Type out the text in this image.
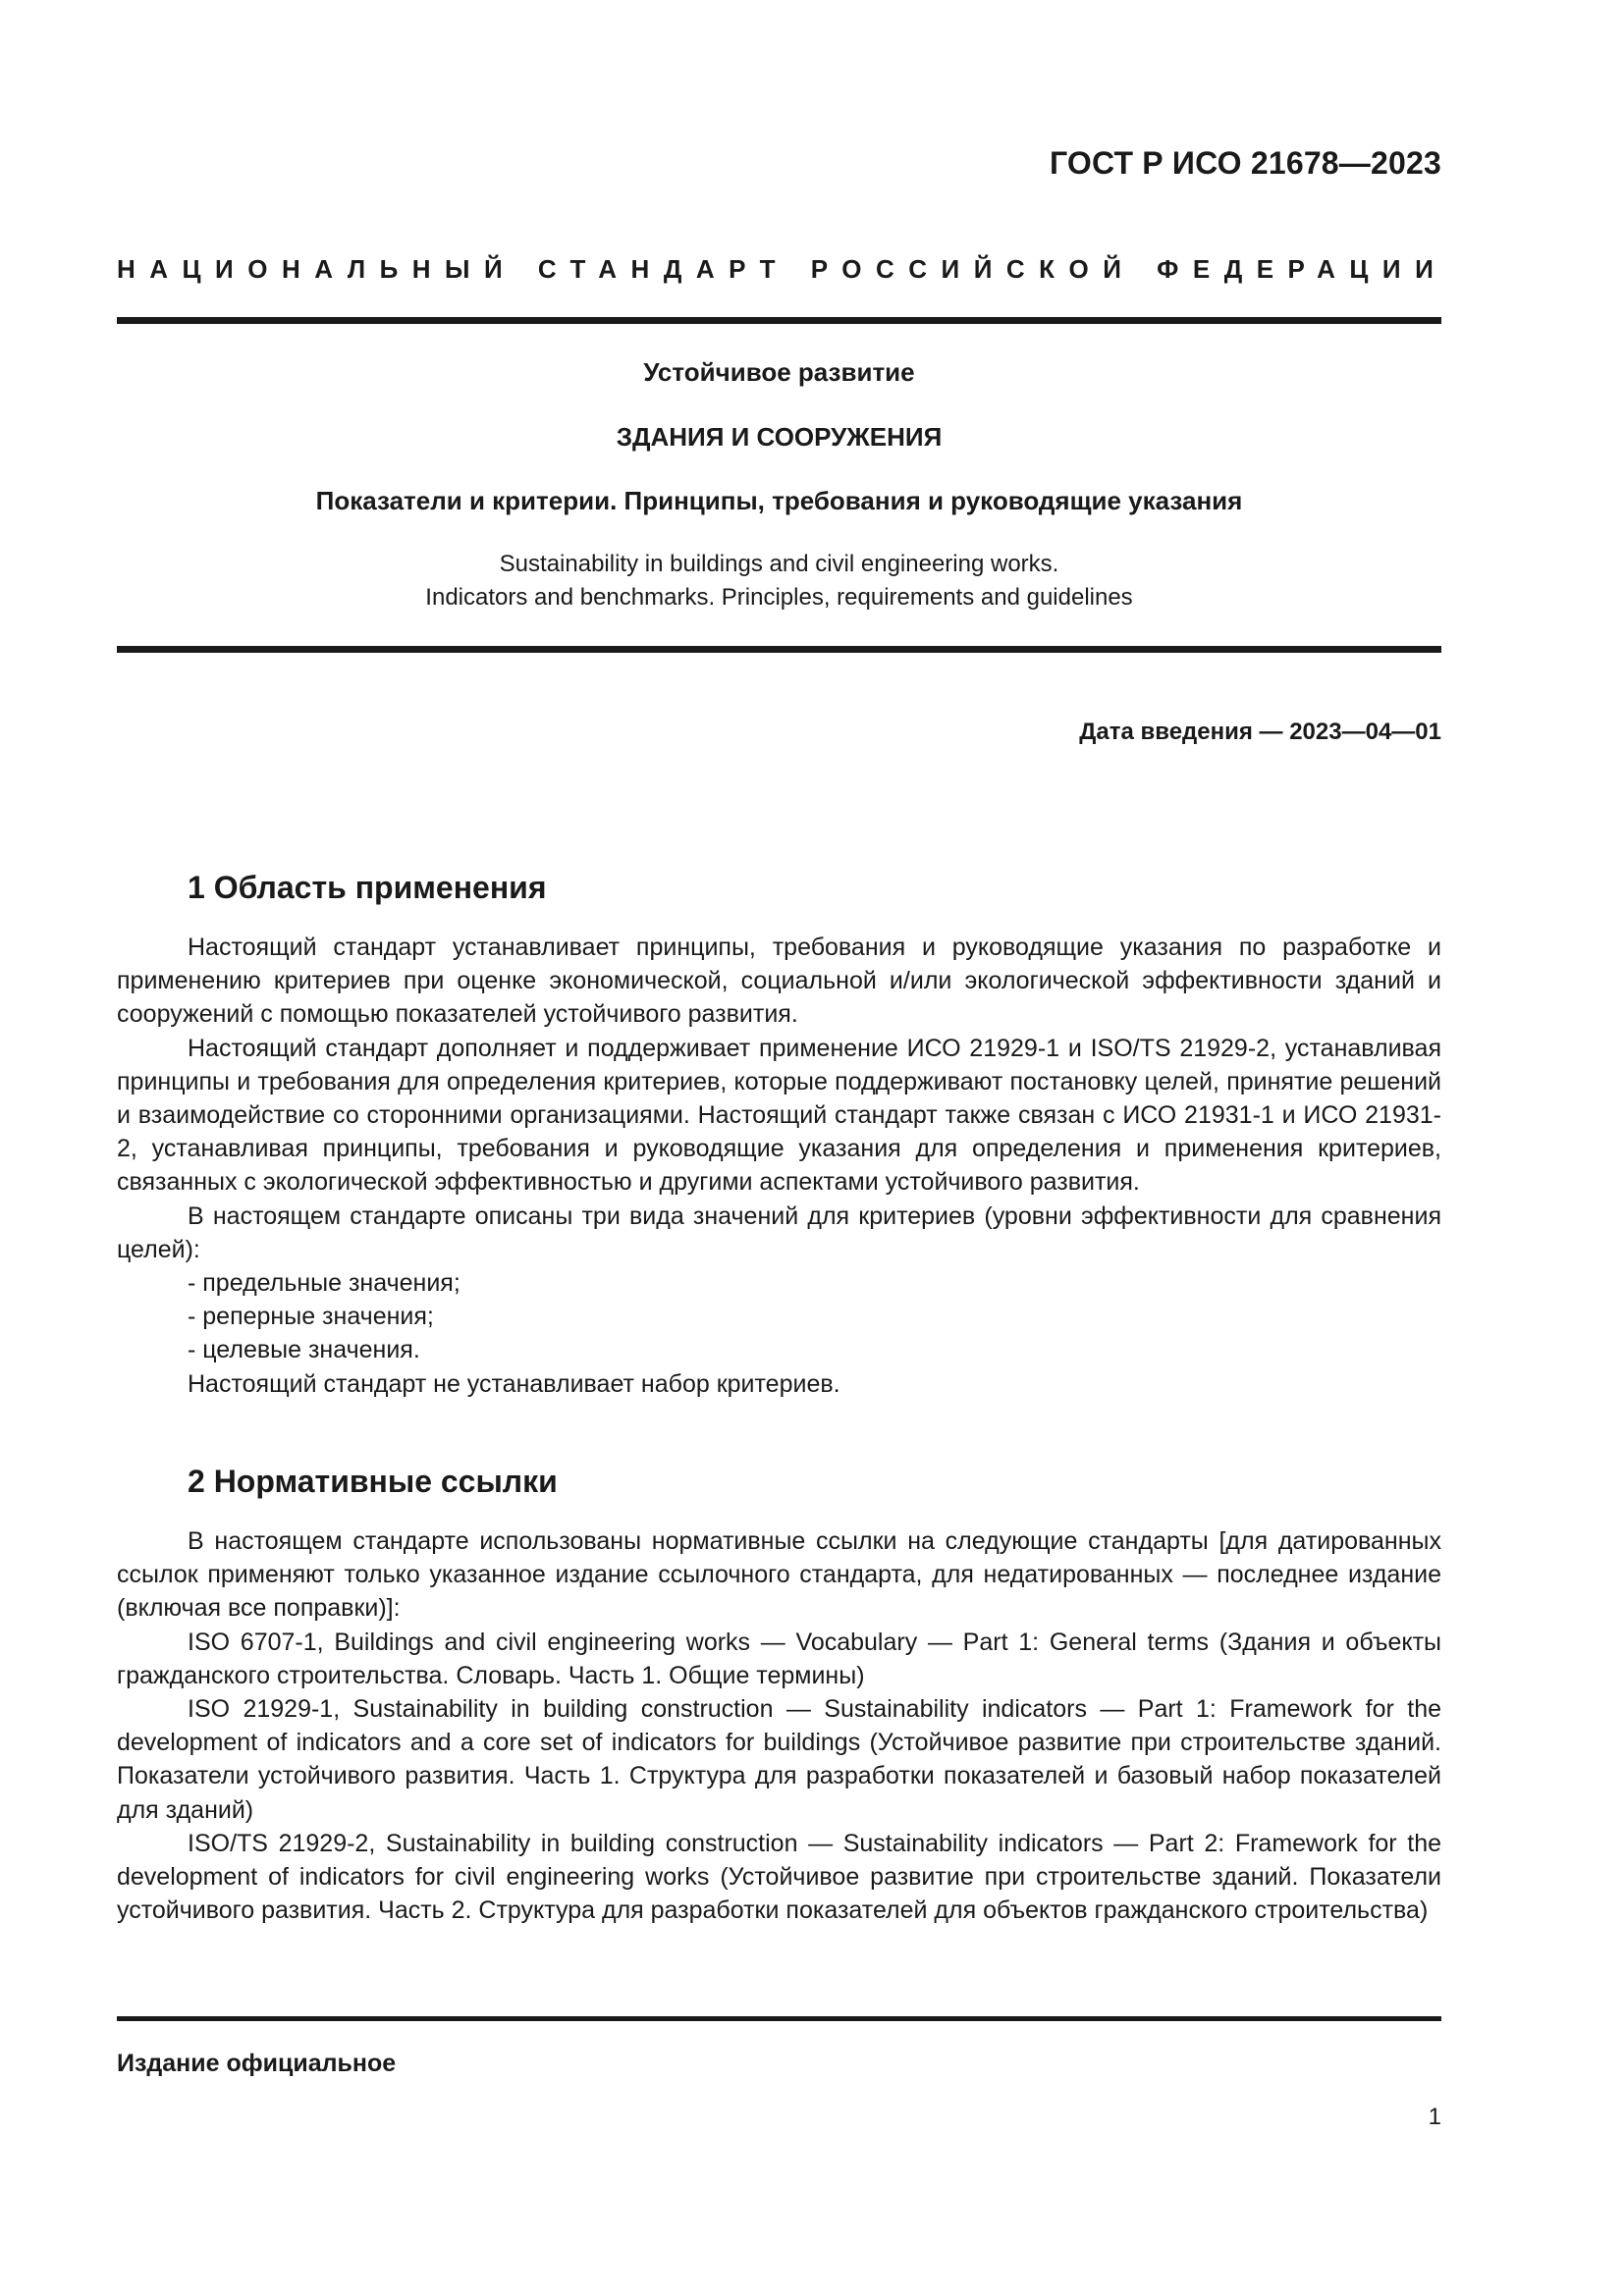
ГОСТ Р ИСО 21678—2023
НАЦИОНАЛЬНЫЙ СТАНДАРТ РОССИЙСКОЙ ФЕДЕРАЦИИ
Устойчивое развитие
ЗДАНИЯ И СООРУЖЕНИЯ
Показатели и критерии. Принципы, требования и руководящие указания
Sustainability in buildings and civil engineering works.
Indicators and benchmarks. Principles, requirements and guidelines
Дата введения — 2023—04—01
1 Область применения

Настоящий стандарт устанавливает принципы, требования и руководящие указания по разработке и применению критериев при оценке экономической, социальной и/или экологической эффективности зданий и сооружений с помощью показателей устойчивого развития.

Настоящий стандарт дополняет и поддерживает применение ИСО 21929-1 и ISO/TS 21929-2, устанавливая принципы и требования для определения критериев, которые поддерживают постановку целей, принятие решений и взаимодействие со сторонними организациями. Настоящий стандарт также связан с ИСО 21931-1 и ИСО 21931-2, устанавливая принципы, требования и руководящие указания для определения и применения критериев, связанных с экологической эффективностью и другими аспектами устойчивого развития.

В настоящем стандарте описаны три вида значений для критериев (уровни эффективности для сравнения целей):

- предельные значения;
- реперные значения;
- целевые значения.

Настоящий стандарт не устанавливает набор критериев.

2 Нормативные ссылки

В настоящем стандарте использованы нормативные ссылки на следующие стандарты [для датированных ссылок применяют только указанное издание ссылочного стандарта, для недатированных — последнее издание (включая все поправки)]:

ISO 6707-1, Buildings and civil engineering works — Vocabulary — Part 1: General terms (Здания и объекты гражданского строительства. Словарь. Часть 1. Общие термины)

ISO 21929-1, Sustainability in building construction — Sustainability indicators — Part 1: Framework for the development of indicators and a core set of indicators for buildings (Устойчивое развитие при строительстве зданий. Показатели устойчивого развития. Часть 1. Структура для разработки показателей и базовый набор показателей для зданий)

ISO/TS 21929-2, Sustainability in building construction — Sustainability indicators — Part 2: Framework for the development of indicators for civil engineering works (Устойчивое развитие при строительстве зданий. Показатели устойчивого развития. Часть 2. Структура для разработки показателей для объектов гражданского строительства)

Издание официальное
1
